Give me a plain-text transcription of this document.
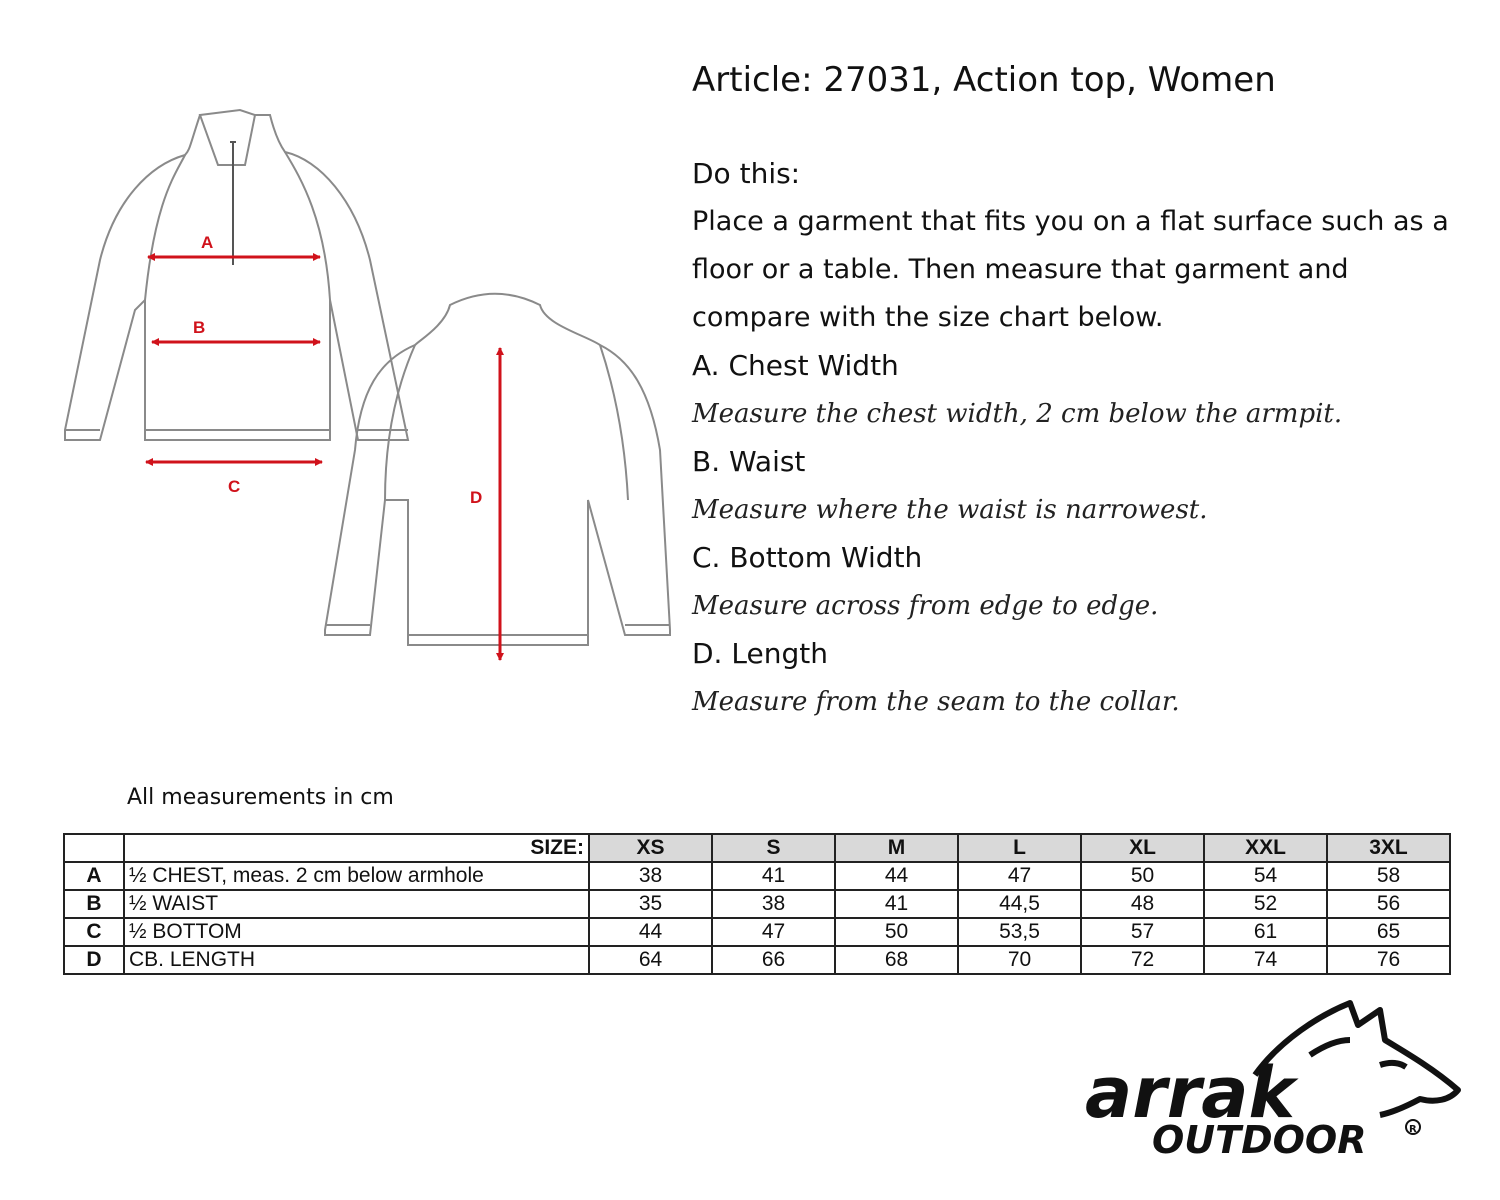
A
B
C
D
Article: 27031, Action top, Women

Do this:

Place a garment that fits you on a flat surface such as a

floor or a table. Then measure that garment and

compare with the size chart below.

A. Chest Width

Measure the chest width, 2 cm below the armpit.

B. Waist

Measure where the waist is narrowest.

C. Bottom Width

Measure across from edge to edge.

D. Length

Measure from the seam to the collar.

All measurements in cm
	SIZE:	XS	S	M	L	XL	XXL	3XL
A	½ CHEST, meas. 2 cm below armhole	38	41	44	47	50	54	58
B	½ WAIST	35	38	41	44,5	48	52	56
C	½ BOTTOM	44	47	50	53,5	57	61	65
D	CB. LENGTH	64	66	68	70	72	74	76
arrak
OUTDOOR	R
